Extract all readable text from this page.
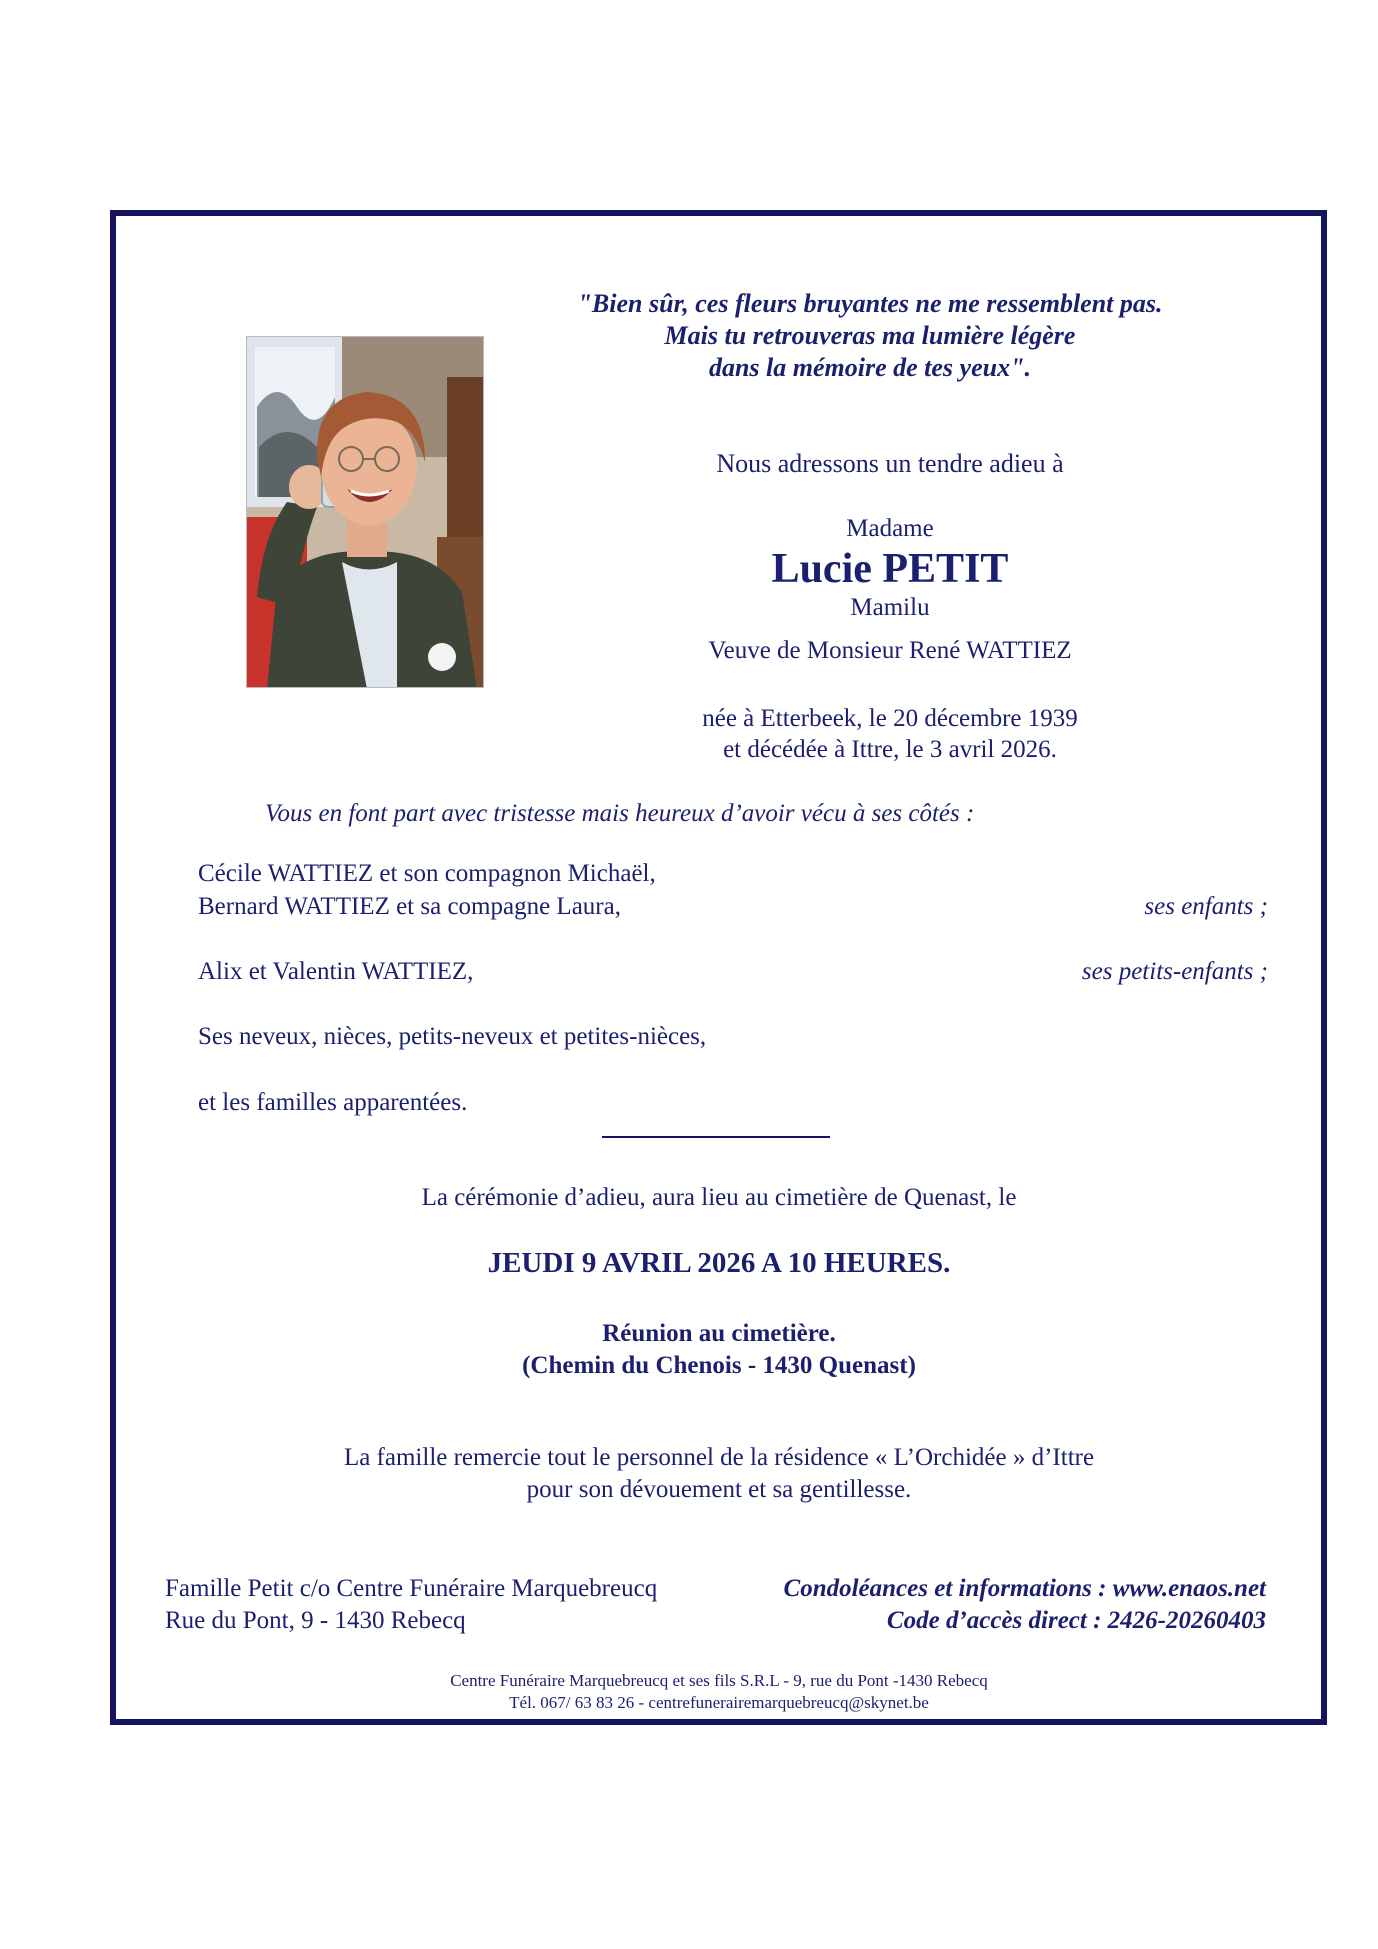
"Bien sûr, ces fleurs bruyantes ne me ressemblent pas.
Mais tu retrouveras ma lumière légère
dans la mémoire de tes yeux".
Nous adressons un tendre adieu à
Madame
Lucie PETIT
Mamilu
Veuve de Monsieur René WATTIEZ
née à Etterbeek, le 20 décembre 1939
et décédée à Ittre, le 3 avril 2026.
Vous en font part avec tristesse mais heureux d’avoir vécu à ses côtés :
Cécile WATTIEZ et son compagnon Michaël,
Bernard WATTIEZ et sa compagne Laura,	ses enfants ;
Alix et Valentin WATTIEZ,	ses petits-enfants ;
Ses neveux, nièces, petits-neveux et petites-nièces,
et les familles apparentées.
La cérémonie d’adieu, aura lieu au cimetière de Quenast, le
JEUDI 9 AVRIL 2026 A 10 HEURES.
Réunion au cimetière.
(Chemin du Chenois - 1430 Quenast)
La famille remercie tout le personnel de la résidence « L’Orchidée » d’Ittre
pour son dévouement et sa gentillesse.
Famille Petit c/o Centre Funéraire Marquebreucq
Rue du Pont, 9 - 1430 Rebecq
Condoléances et informations : www.enaos.net
Code d’accès direct : 2426-20260403
Centre Funéraire Marquebreucq et ses fils S.R.L - 9, rue du Pont -1430 Rebecq
Tél. 067/ 63 83 26 - centrefunerairemarquebreucq@skynet.be
